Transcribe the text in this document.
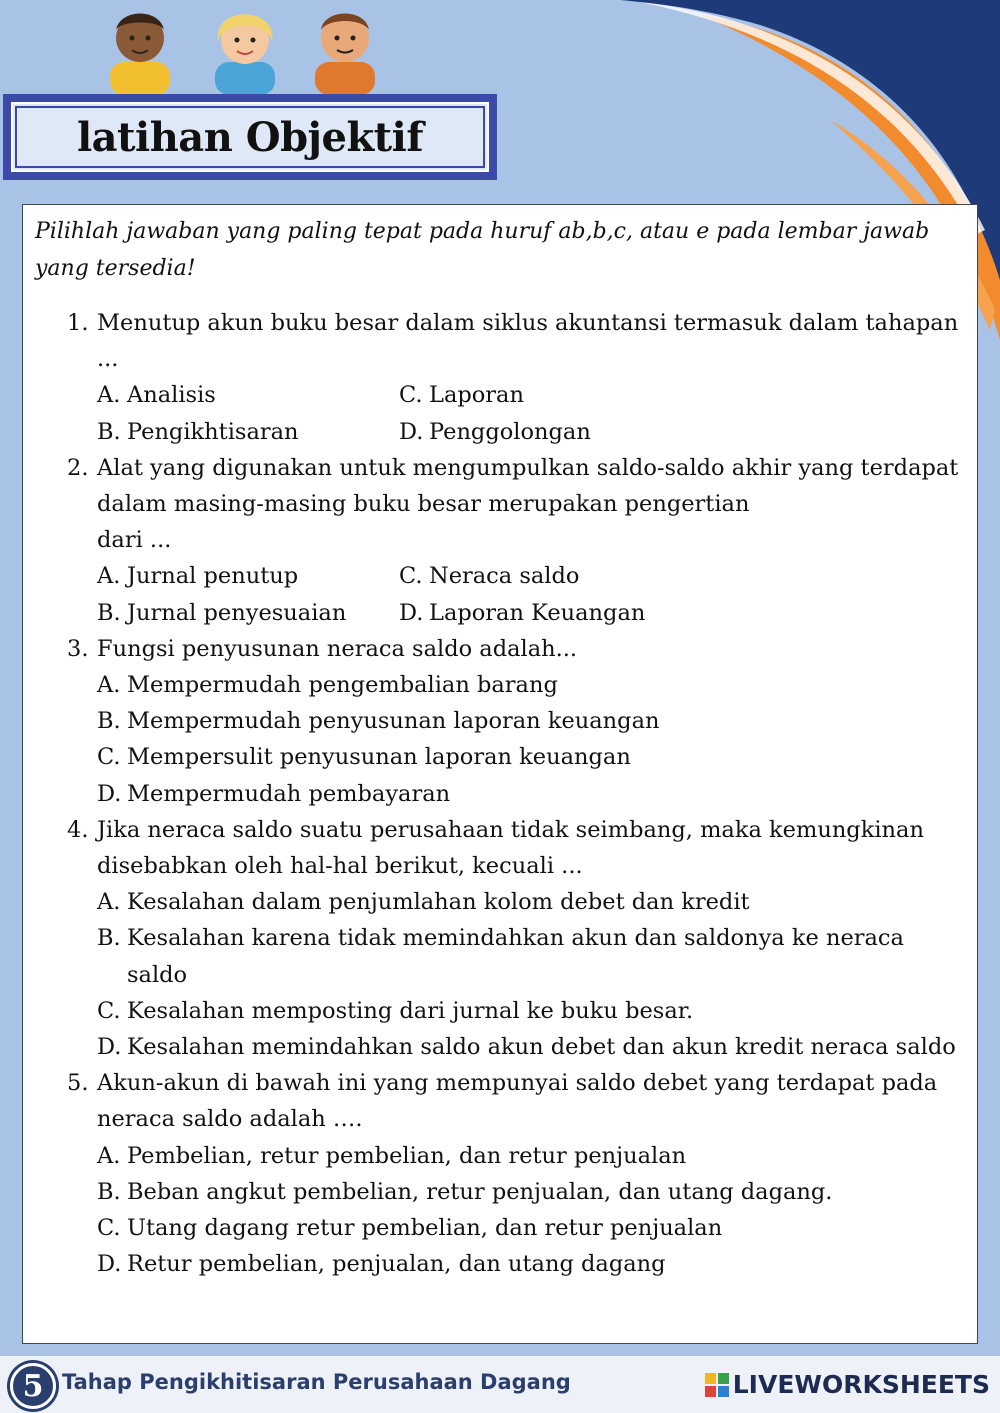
latihan Objektif
Pilihlah jawaban yang paling tepat pada huruf ab,b,c, atau e pada lembar jawab yang tersedia!
1. Menutup akun buku besar dalam siklus akuntansi termasuk dalam tahapan
...
A. Analisis	C. Laporan
B. Pengikhtisaran	D. Penggolongan
2. Alat yang digunakan untuk mengumpulkan saldo-saldo akhir yang terdapat
dalam masing-masing buku besar merupakan pengertian
dari ...
A. Jurnal penutup	C. Neraca saldo
B. Jurnal penyesuaian D. Laporan Keuangan
3. Fungsi penyusunan neraca saldo adalah...
A. Mempermudah pengembalian barang
B. Mempermudah penyusunan laporan keuangan
C. Mempersulit penyusunan laporan keuangan
D. Mempermudah pembayaran
4. Jika neraca saldo suatu perusahaan tidak seimbang, maka kemungkinan
disebabkan oleh hal-hal berikut, kecuali ...
A. Kesalahan dalam penjumlahan kolom debet dan kredit
B. Kesalahan karena tidak memindahkan akun dan saldonya ke neraca
saldo
C. Kesalahan memposting dari jurnal ke buku besar.
D. Kesalahan memindahkan saldo akun debet dan akun kredit neraca saldo
5. Akun-akun di bawah ini yang mempunyai saldo debet yang terdapat pada
neraca saldo adalah ….
A. Pembelian, retur pembelian, dan retur penjualan
B. Beban angkut pembelian, retur penjualan, dan utang dagang.
C. Utang dagang retur pembelian, dan retur penjualan
D. Retur pembelian, penjualan, dan utang dagang
5 Tahap Pengikhitisaran Perusahaan Dagang	LIVEWORKSHEETS
